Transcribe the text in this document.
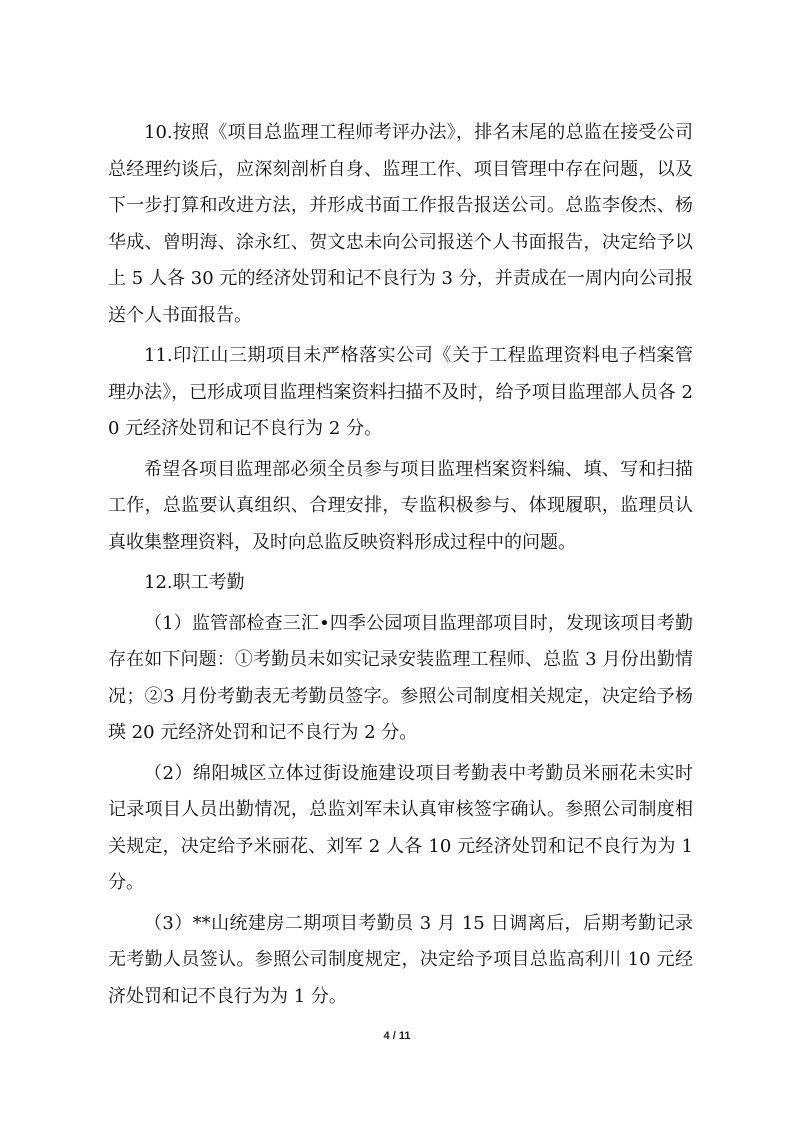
10.按照《项目总监理工程师考评办法》，排名末尾的总监在接受公司总经理约谈后，应深刻剖析自身、监理工作、项目管理中存在问题，以及下一步打算和改进方法，并形成书面工作报告报送公司。总监李俊杰、杨华成、曾明海、涂永红、贺文忠未向公司报送个人书面报告，决定给予以上 5 人各 30 元的经济处罚和记不良行为 3 分，并责成在一周内向公司报送个人书面报告。

11.印江山三期项目未严格落实公司《关于工程监理资料电子档案管理办法》，已形成项目监理档案资料扫描不及时，给予项目监理部人员各 20 元经济处罚和记不良行为 2 分。

希望各项目监理部必须全员参与项目监理档案资料编、填、写和扫描工作，总监要认真组织、合理安排，专监积极参与、体现履职，监理员认真收集整理资料，及时向总监反映资料形成过程中的问题。

12.职工考勤

（1）监管部检查三汇•四季公园项目监理部项目时，发现该项目考勤存在如下问题：①考勤员未如实记录安装监理工程师、总监 3 月份出勤情况；②3 月份考勤表无考勤员签字。参照公司制度相关规定，决定给予杨瑛 20 元经济处罚和记不良行为 2 分。

（2）绵阳城区立体过街设施建设项目考勤表中考勤员米丽花未实时记录项目人员出勤情况，总监刘军未认真审核签字确认。参照公司制度相关规定，决定给予米丽花、刘军 2 人各 10 元经济处罚和记不良行为为 1 分。

（3）**山统建房二期项目考勤员 3 月 15 日调离后，后期考勤记录无考勤人员签认。参照公司制度规定，决定给予项目总监高利川 10 元经济处罚和记不良行为为 1 分。

4 / 11
